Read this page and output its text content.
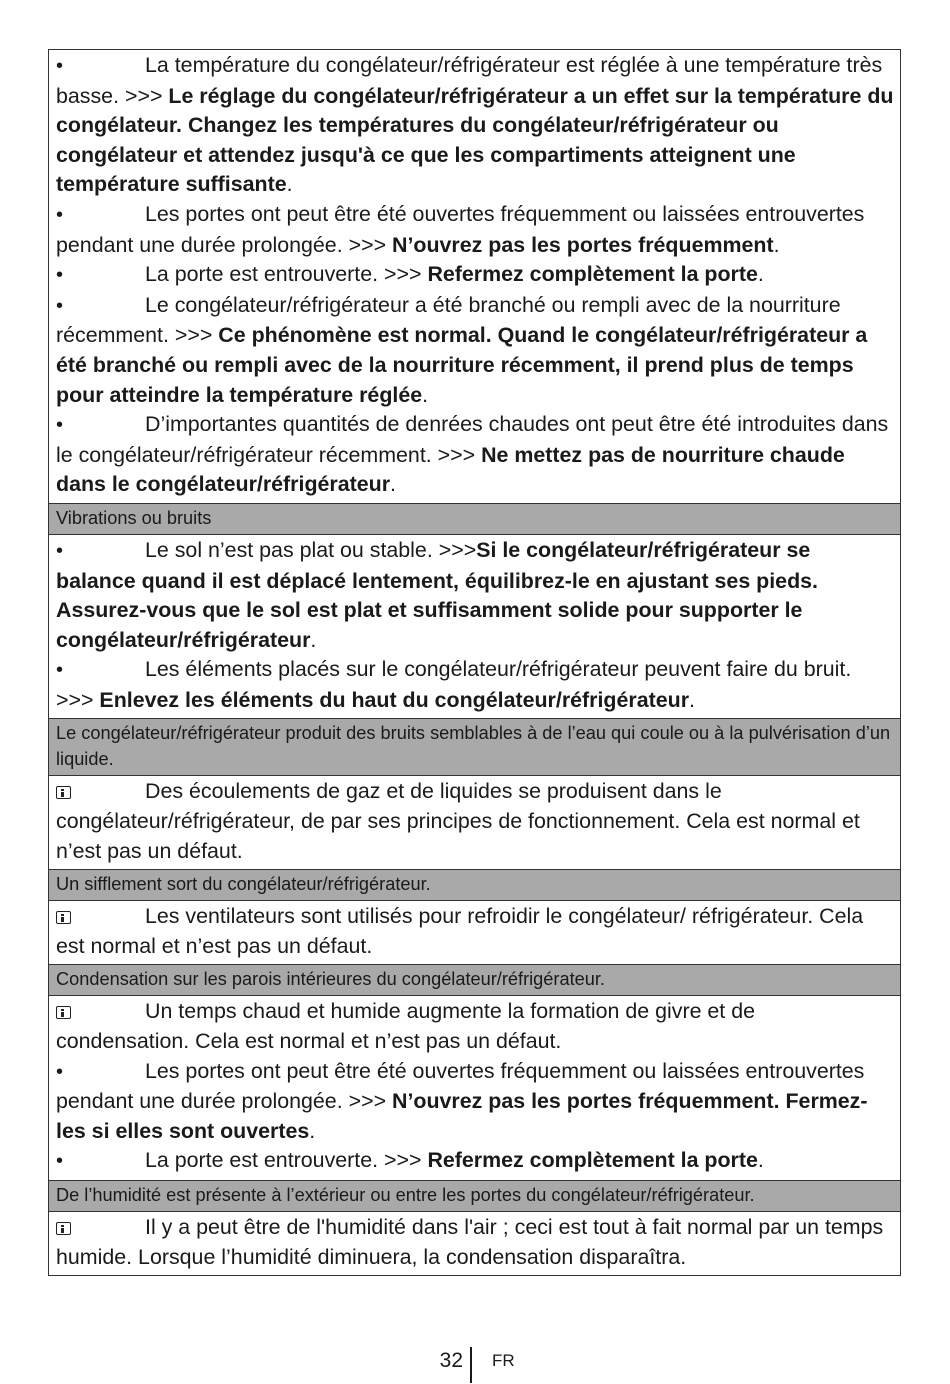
•	La température du congélateur/réfrigérateur est réglée à une température très basse. >>> Le réglage du congélateur/réfrigérateur a un effet sur la température du congélateur. Changez les températures du congélateur/réfrigérateur ou congélateur et attendez jusqu'à ce que les compartiments atteignent une température suffisante.

•	Les portes ont peut être été ouvertes fréquemment ou laissées entrouvertes pendant une durée prolongée. >>> N’ouvrez pas les portes fréquemment.

•	La porte est entrouverte. >>> Refermez complètement la porte.

•	Le congélateur/réfrigérateur a été branché ou rempli avec de la nourriture récemment. >>> Ce phénomène est normal. Quand le congélateur/réfrigérateur a été branché ou rempli avec de la nourriture récemment, il prend plus de temps pour atteindre la température réglée.

•	D’importantes quantités de denrées chaudes ont peut être été introduites dans le congélateur/réfrigérateur récemment. >>> Ne mettez pas de nourriture chaude dans le congélateur/réfrigérateur.

Vibrations ou bruits

•	Le sol n’est pas plat ou stable. >>>Si le congélateur/réfrigérateur se balance quand il est déplacé lentement, équilibrez-le en ajustant ses pieds. Assurez-vous que le sol est plat et suffisamment solide pour supporter le congélateur/réfrigérateur.

•	Les éléments placés sur le congélateur/réfrigérateur peuvent faire du bruit. >>> Enlevez les éléments du haut du congélateur/réfrigérateur.

Le congélateur/réfrigérateur produit des bruits semblables à de l’eau qui coule ou à la pulvérisation d’un liquide.

Des écoulements de gaz et de liquides se produisent dans le congélateur/réfrigérateur, de par ses principes de fonctionnement. Cela est normal et n’est pas un défaut.

Un sifflement sort du congélateur/réfrigérateur.

Les ventilateurs sont utilisés pour refroidir le congélateur/ réfrigérateur. Cela est normal et n’est pas un défaut.

Condensation sur les parois intérieures du congélateur/réfrigérateur.

Un temps chaud et humide augmente la formation de givre et de condensation. Cela est normal et n’est pas un défaut.

•	Les portes ont peut être été ouvertes fréquemment ou laissées entrouvertes pendant une durée prolongée. >>> N’ouvrez pas les portes fréquemment. Fermez-les si elles sont ouvertes.

•	La porte est entrouverte. >>> Refermez complètement la porte.

De l’humidité est présente à l’extérieur ou entre les portes du congélateur/réfrigérateur.

Il y a peut être de l'humidité dans l'air ; ceci est tout à fait normal par un temps humide. Lorsque l’humidité diminuera, la condensation disparaîtra.

32 FR
